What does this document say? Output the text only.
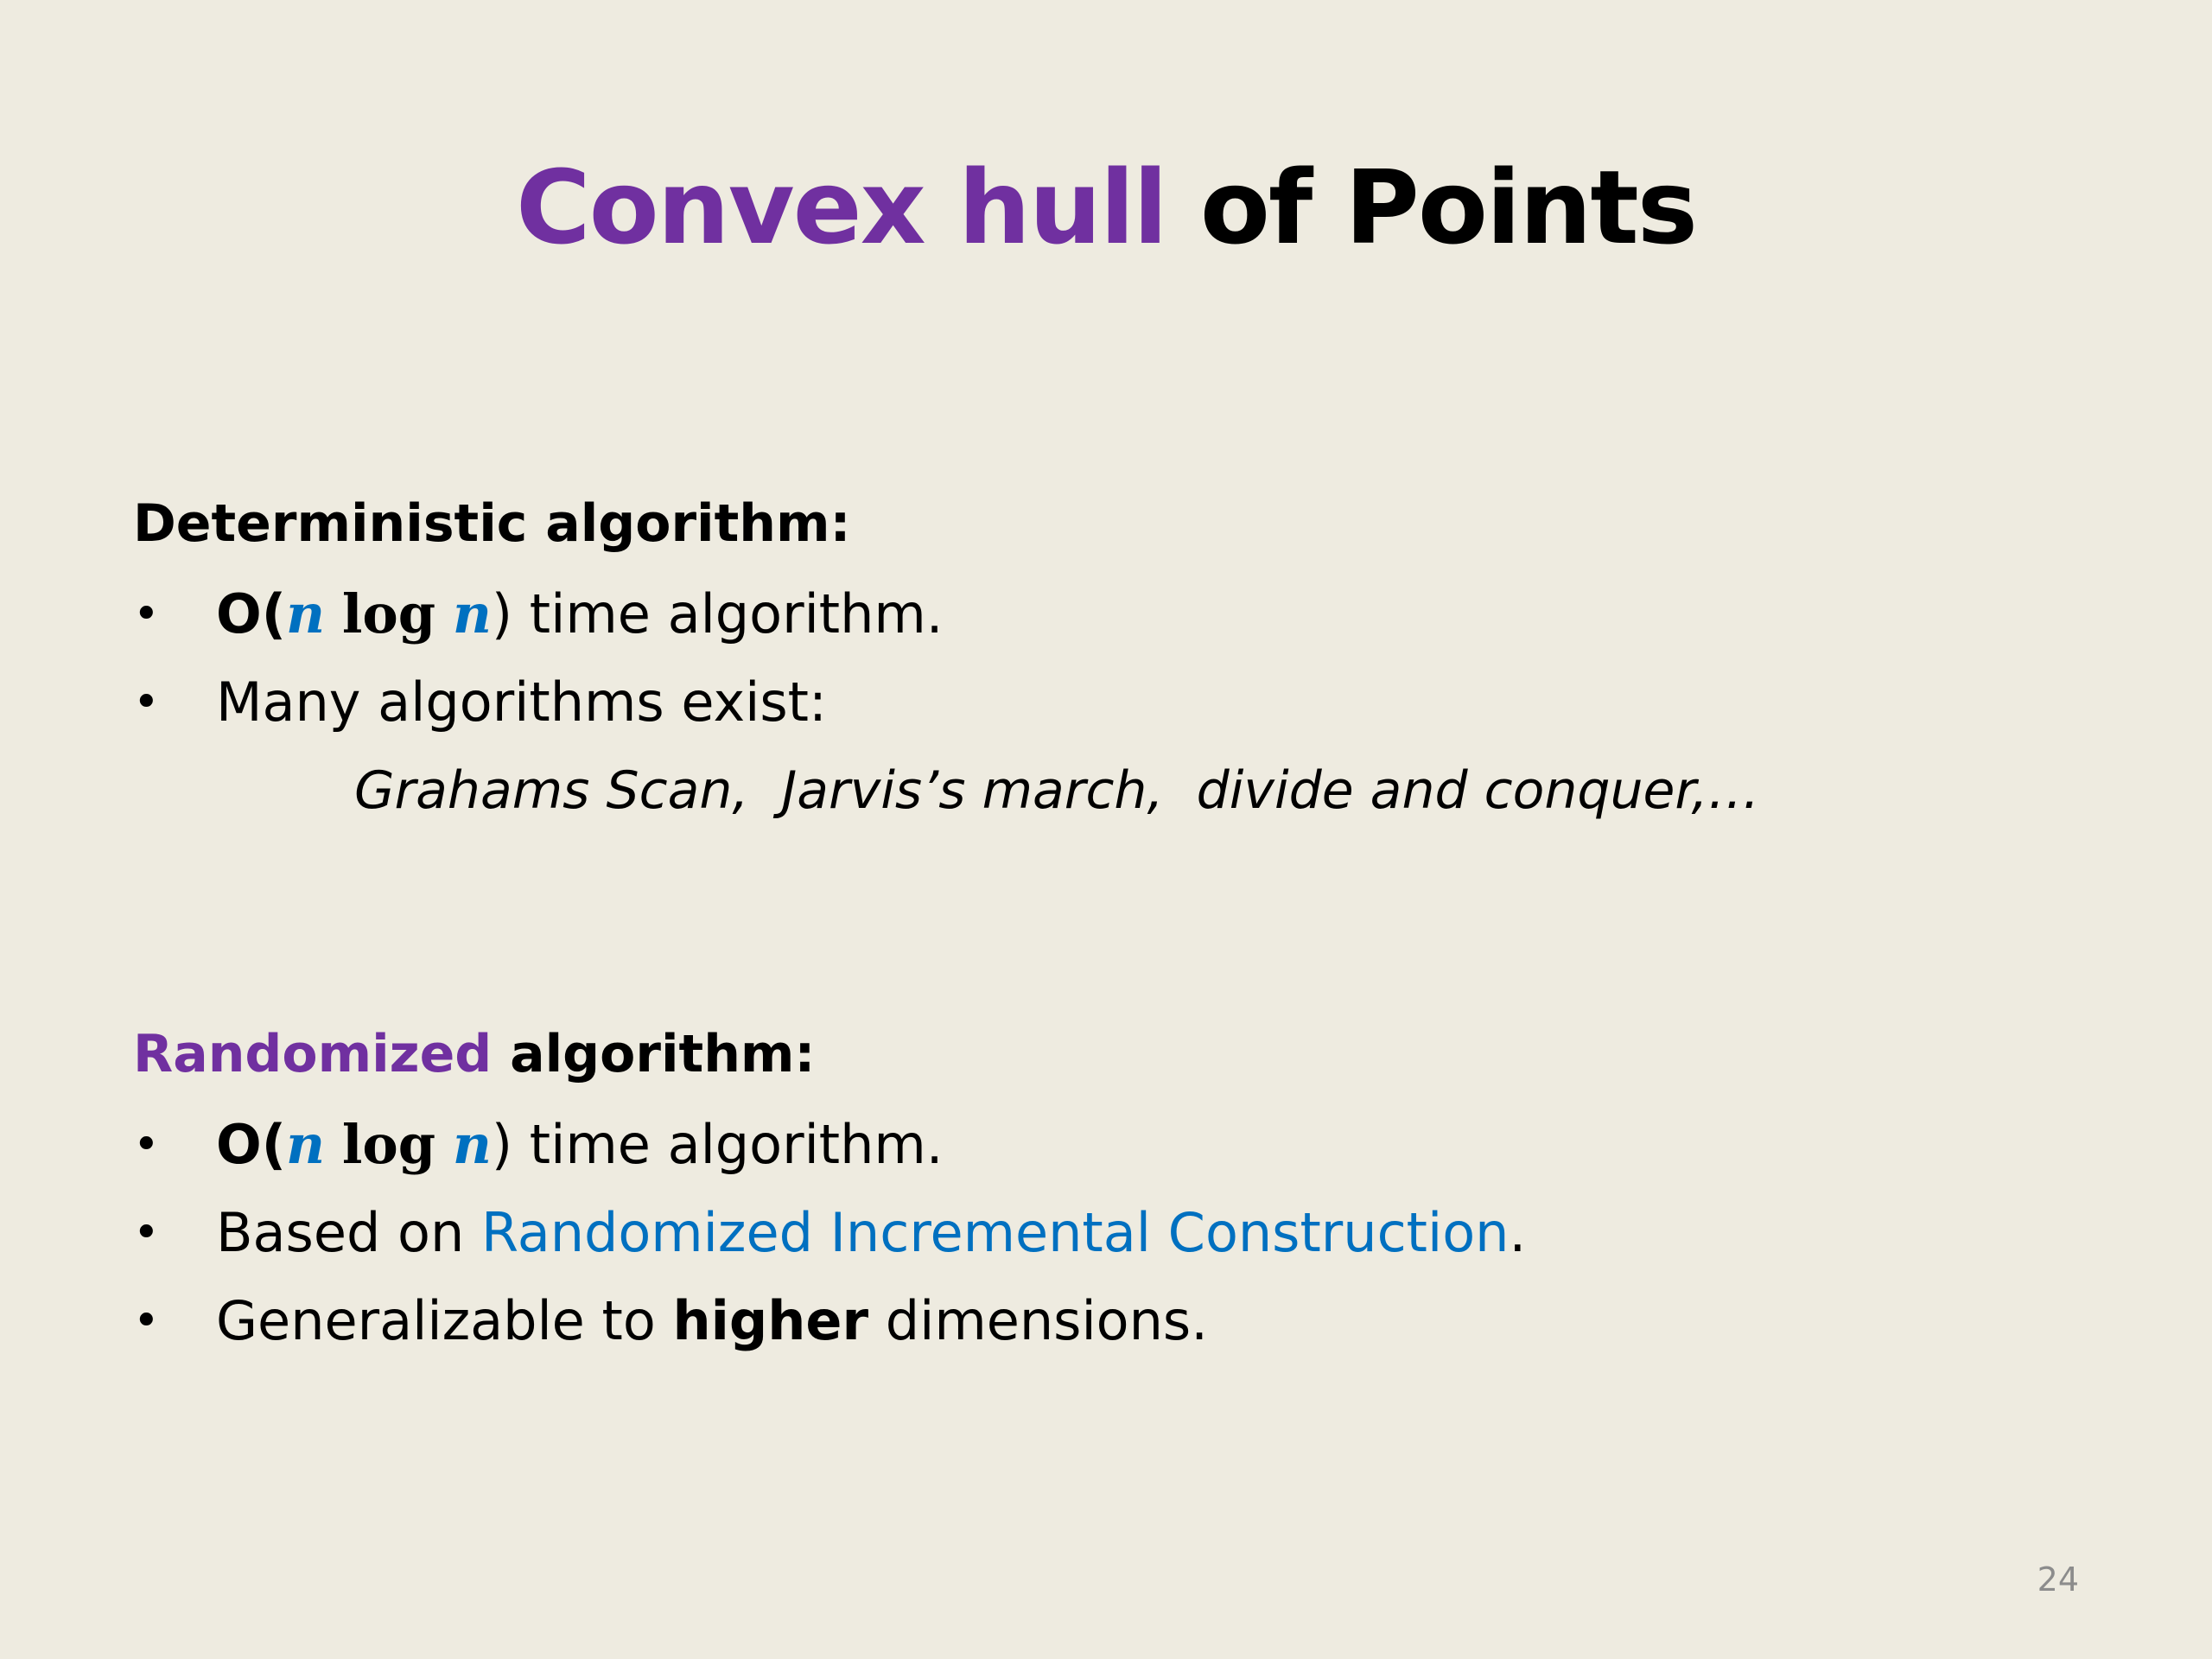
Convex hull of Points
Deterministic algorithm:
• O(n log n) time algorithm.
• Many algorithms exist:
Grahams Scan,  Jarvis’s march,  divide and conquer,…
Randomized algorithm:
• O(n log n) time algorithm.
• Based on Randomized Incremental Construction.
• Generalizable to higher dimensions.
24
